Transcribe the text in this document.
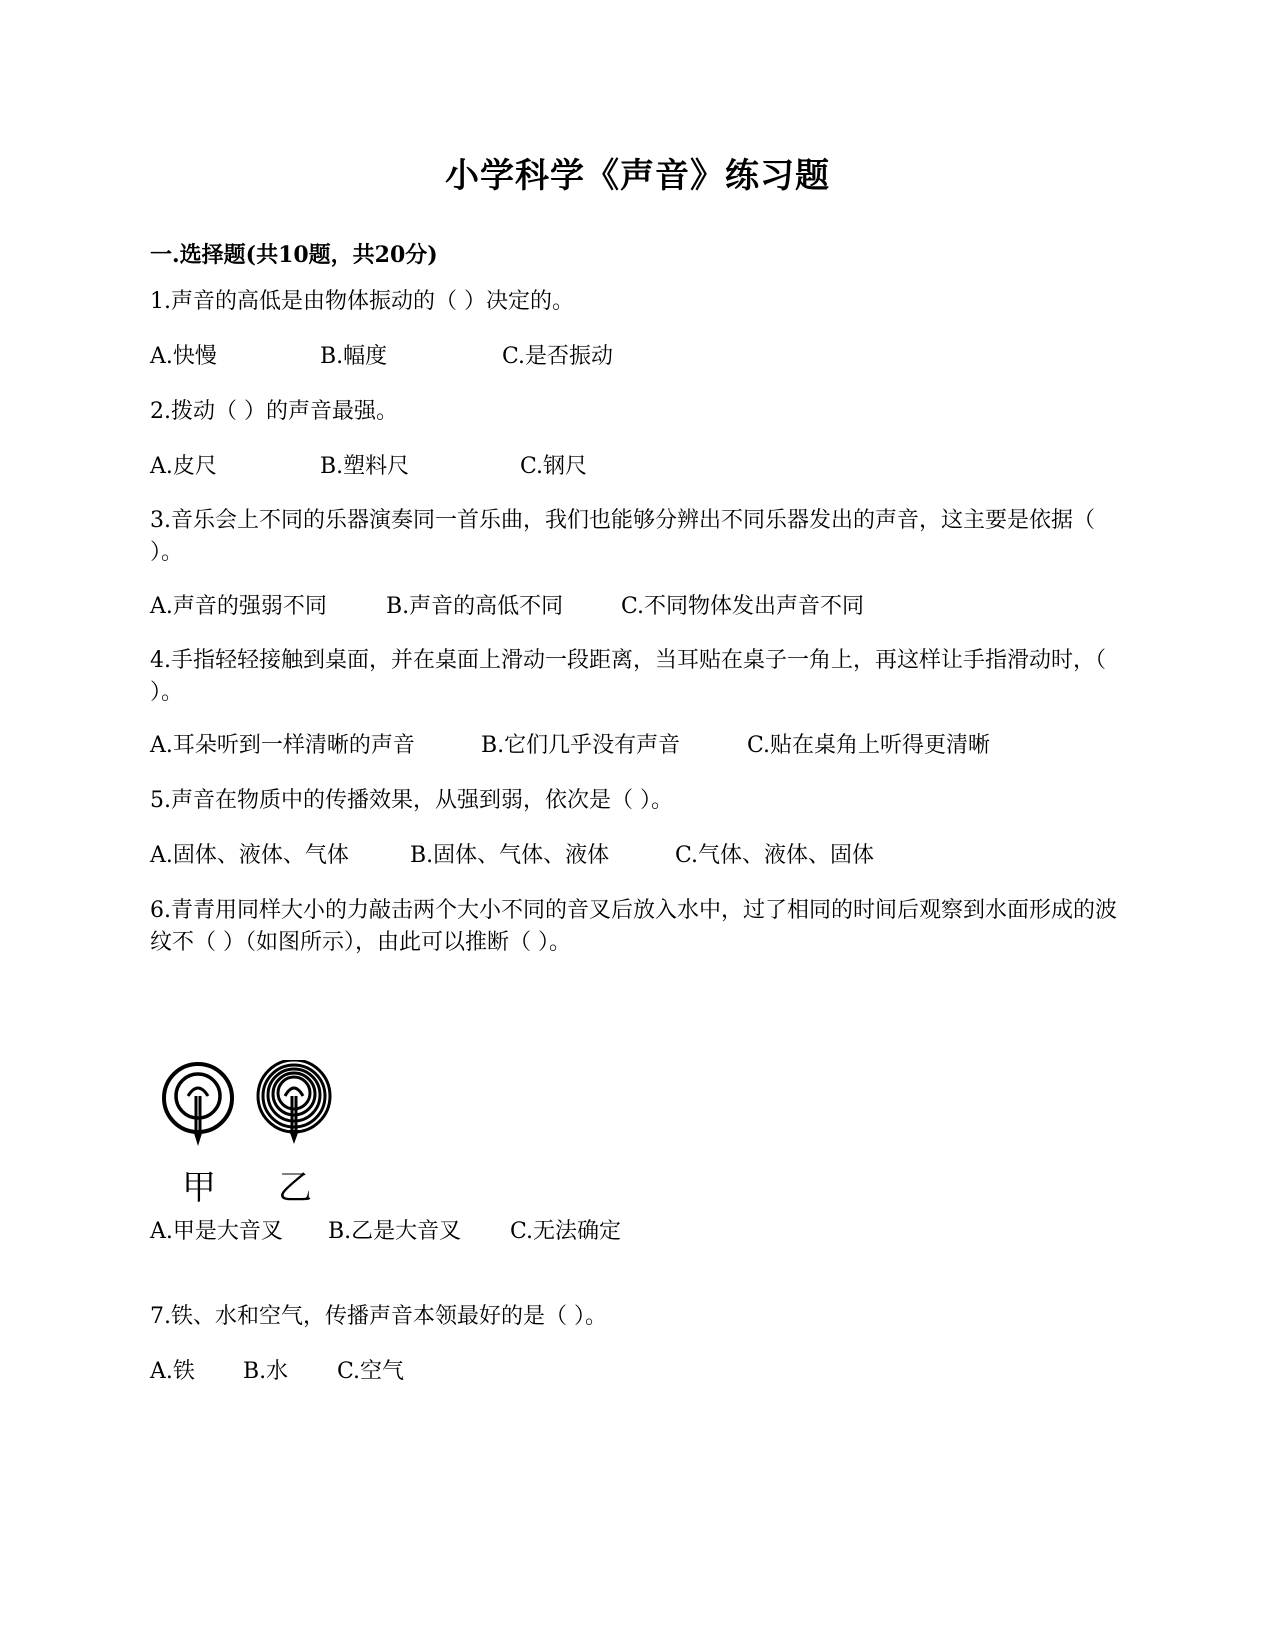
小学科学《声音》练习题
一.选择题(共10题，共20分)
1.声音的高低是由物体振动的（ ）决定的。
A.快慢	B.幅度	C.是否振动
2.拨动（ ）的声音最强。
A.皮尺	B.塑料尺	C.钢尺
3.音乐会上不同的乐器演奏同一首乐曲，我们也能够分辨出不同乐器发出的声音，这主要是依据（ ）。
A.声音的强弱不同	B.声音的高低不同	C.不同物体发出声音不同
4.手指轻轻接触到桌面，并在桌面上滑动一段距离，当耳贴在桌子一角上，再这样让手指滑动时，（ ）。
A.耳朵听到一样清晰的声音	B.它们几乎没有声音	C.贴在桌角上听得更清晰
5.声音在物质中的传播效果，从强到弱，依次是（ ）。
A.固体、液体、气体	B.固体、气体、液体	C.气体、液体、固体
6.青青用同样大小的力敲击两个大小不同的音叉后放入水中，过了相同的时间后观察到水面形成的波纹不（ ）（如图所示），由此可以推断（ ）。
甲 乙
A.甲是大音叉 B.乙是大音叉 C.无法确定
7.铁、水和空气，传播声音本领最好的是（ ）。
A.铁 B.水 C.空气
